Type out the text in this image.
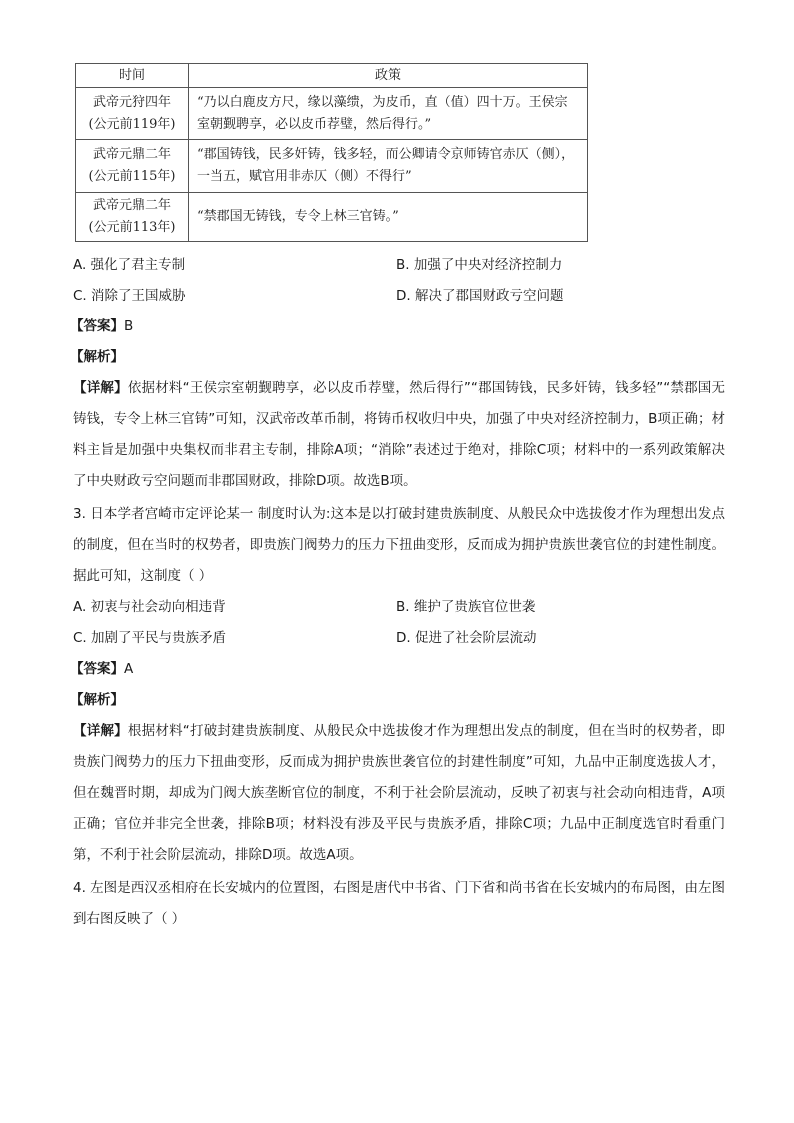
时间	政策

武帝元狩四年
(公元前119年)	“乃以白鹿皮方尺，缘以藻缋，为皮币，直（值）四十万。王侯宗室朝觐聘享，必以皮币荐璧，然后得行。”

武帝元鼎二年
(公元前115年)	“郡国铸钱，民多奸铸，钱多轻，而公卿请令京师铸官赤仄（侧），一当五，赋官用非赤仄（侧）不得行”

武帝元鼎二年
(公元前113年)	“禁郡国无铸钱，专令上林三官铸。”
A. 强化了君主专制	B. 加强了中央对经济控制力
C. 消除了王国威胁	D. 解决了郡国财政亏空问题
【答案】B
【解析】
【详解】依据材料“王侯宗室朝觐聘享，必以皮币荐璧，然后得行”“郡国铸钱，民多奸铸，钱多轻”“禁郡国无铸钱，专令上林三官铸”可知，汉武帝改革币制，将铸币权收归中央，加强了中央对经济控制力，B项正确；材料主旨是加强中央集权而非君主专制，排除A项；“消除”表述过于绝对，排除C项；材料中的一系列政策解决了中央财政亏空问题而非郡国财政，排除D项。故选B项。
3. 日本学者宫崎市定评论某一 制度时认为:这本是以打破封建贵族制度、从般民众中选拔俊才作为理想出发点的制度，但在当时的权势者，即贵族门阀势力的压力下扭曲变形，反而成为拥护贵族世袭官位的封建性制度。据此可知，这制度（ ）
A. 初衷与社会动向相违背	B. 维护了贵族官位世袭
C. 加剧了平民与贵族矛盾	D. 促进了社会阶层流动
【答案】A
【解析】
【详解】根据材料“打破封建贵族制度、从般民众中选拔俊才作为理想出发点的制度，但在当时的权势者，即贵族门阀势力的压力下扭曲变形，反而成为拥护贵族世袭官位的封建性制度”可知，九品中正制度选拔人才，但在魏晋时期，却成为门阀大族垄断官位的制度，不利于社会阶层流动，反映了初衷与社会动向相违背，A项正确；官位并非完全世袭，排除B项；材料没有涉及平民与贵族矛盾，排除C项；九品中正制度选官时看重门第，不利于社会阶层流动，排除D项。故选A项。
4. 左图是西汉丞相府在长安城内的位置图，右图是唐代中书省、门下省和尚书省在长安城内的布局图，由左图到右图反映了（ ）
